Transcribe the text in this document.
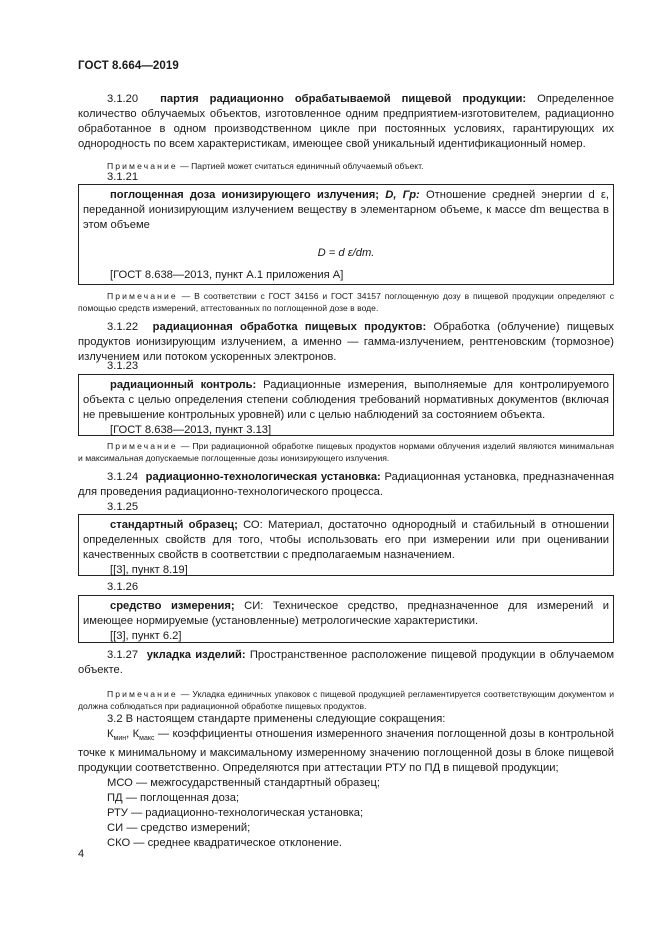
ГОСТ 8.664—2019

3.1.20 партия радиационно обрабатываемой пищевой продукции: Определенное количество облучаемых объектов, изготовленное одним предприятием-изготовителем, радиационно обработанное в одном производственном цикле при постоянных условиях, гарантирующих их однородность по всем характеристикам, имеющее свой уникальный идентификационный номер.

Примечание — Партией может считаться единичный облучаемый объект.

3.1.21

поглощенная доза ионизирующего излучения; D, Гр: Отношение средней энергии d ε, переданной ионизирующим излучением веществу в элементарном объеме, к массе dm вещества в этом объеме

D = d ε/dm.

[ГОСТ 8.638—2013, пункт А.1 приложения А]

Примечание — В соответствии с ГОСТ 34156 и ГОСТ 34157 поглощенную дозу в пищевой продукции определяют с помощью средств измерений, аттестованных по поглощенной дозе в воде.

3.1.22 радиационная обработка пищевых продуктов: Обработка (облучение) пищевых продуктов ионизирующим излучением, а именно — гамма-излучением, рентгеновским (тормозное) излучением или потоком ускоренных электронов.

3.1.23

радиационный контроль: Радиационные измерения, выполняемые для контролируемого объекта с целью определения степени соблюдения требований нормативных документов (включая не превышение контрольных уровней) или с целью наблюдений за состоянием объекта.

[ГОСТ 8.638—2013, пункт 3.13]

Примечание — При радиационной обработке пищевых продуктов нормами облучения изделий являются минимальная и максимальная допускаемые поглощенные дозы ионизирующего излучения.

3.1.24 радиационно-технологическая установка: Радиационная установка, предназначенная для проведения радиационно-технологического процесса.

3.1.25

стандартный образец; СО: Материал, достаточно однородный и стабильный в отношении определенных свойств для того, чтобы использовать его при измерении или при оценивании качественных свойств в соответствии с предполагаемым назначением.

[[3], пункт 8.19]

3.1.26

средство измерения; СИ: Техническое средство, предназначенное для измерений и имеющее нормируемые (установленные) метрологические характеристики.

[[3], пункт 6.2]

3.1.27 укладка изделий: Пространственное расположение пищевой продукции в облучаемом объекте.

Примечание — Укладка единичных упаковок с пищевой продукцией регламентируется соответствующим документом и должна соблюдаться при радиационной обработке пищевых продуктов.

3.2 В настоящем стандарте применены следующие сокращения:

$К_{мин}$, $К_{макс}$ — коэффициенты отношения измеренного значения поглощенной дозы в контрольной точке к минимальному и максимальному измеренному значению поглощенной дозы в блоке пищевой продукции соответственно. Определяются при аттестации РТУ по ПД в пищевой продукции;

МСО — межгосударственный стандартный образец;

ПД — поглощенная доза;

РТУ — радиационно-технологическая установка;

СИ — средство измерений;

СКО — среднее квадратическое отклонение.

4
